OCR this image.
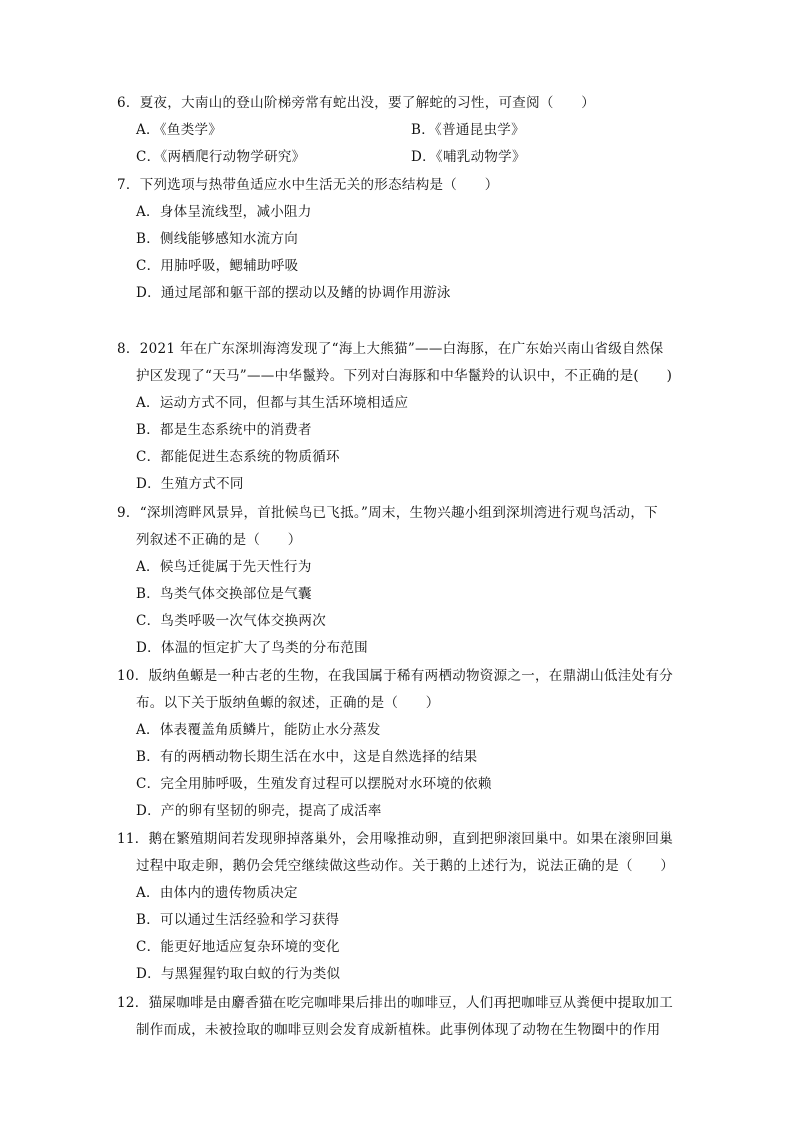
6．夏夜，大南山的登山阶梯旁常有蛇出没，要了解蛇的习性，可查阅（　　）
A．《鱼类学》	B．《普通昆虫学》
C．《两栖爬行动物学研究》	D．《哺乳动物学》
7．下列选项与热带鱼适应水中生活无关的形态结构是（　　）
A．身体呈流线型，减小阻力
B．侧线能够感知水流方向
C．用肺呼吸，鳃辅助呼吸
D．通过尾部和躯干部的摆动以及鳍的协调作用游泳
8．2021 年在广东深圳海湾发现了“海上大熊猫”——白海豚，在广东始兴南山省级自然保
护区发现了“天马”——中华鬣羚。下列对白海豚和中华鬣羚的认识中，不正确的是(　　)
A．运动方式不同，但都与其生活环境相适应
B．都是生态系统中的消费者
C．都能促进生态系统的物质循环
D．生殖方式不同
9．“深圳湾畔风景异，首批候鸟已飞抵。”周末，生物兴趣小组到深圳湾进行观鸟活动，下
列叙述不正确的是（　　）
A．候鸟迁徙属于先天性行为
B．鸟类气体交换部位是气囊
C．鸟类呼吸一次气体交换两次
D．体温的恒定扩大了鸟类的分布范围
10．版纳鱼螈是一种古老的生物，在我国属于稀有两栖动物资源之一，在鼎湖山低洼处有分
布。以下关于版纳鱼螈的叙述，正确的是（　　）
A．体表覆盖角质鳞片，能防止水分蒸发
B．有的两栖动物长期生活在水中，这是自然选择的结果
C．完全用肺呼吸，生殖发育过程可以摆脱对水环境的依赖
D．产的卵有坚韧的卵壳，提高了成活率
11．鹅在繁殖期间若发现卵掉落巢外，会用喙推动卵，直到把卵滚回巢中。如果在滚卵回巢
过程中取走卵，鹅仍会凭空继续做这些动作。关于鹅的上述行为，说法正确的是（　　）
A．由体内的遗传物质决定
B．可以通过生活经验和学习获得
C．能更好地适应复杂环境的变化
D．与黑猩猩钓取白蚁的行为类似
12．猫屎咖啡是由麝香猫在吃完咖啡果后排出的咖啡豆，人们再把咖啡豆从粪便中提取加工
制作而成，未被捡取的咖啡豆则会发育成新植株。此事例体现了动物在生物圈中的作用
